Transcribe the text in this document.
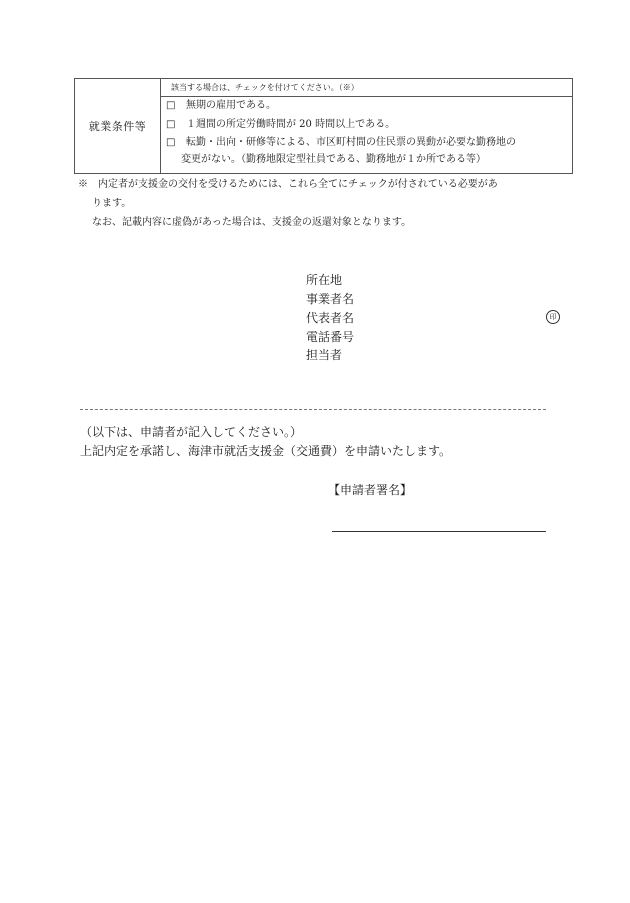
就業条件等
該当する場合は、チェックを付けてください。（※）
□ 無期の雇用である。
□ １週間の所定労働時間が 20 時間以上である。
□ 転勤・出向・研修等による、市区町村間の住民票の異動が必要な勤務地の
変更がない。（勤務地限定型社員である、勤務地が１か所である等）
※　内定者が支援金の交付を受けるためには、これら全てにチェックが付されている必要があ
ります。
なお、記載内容に虚偽があった場合は、支援金の返還対象となります。
所在地
事業者名
代表者名
電話番号
担当者
印
（以下は、申請者が記入してください。）
上記内定を承諾し、海津市就活支援金（交通費）を申請いたします。
【申請者署名】
